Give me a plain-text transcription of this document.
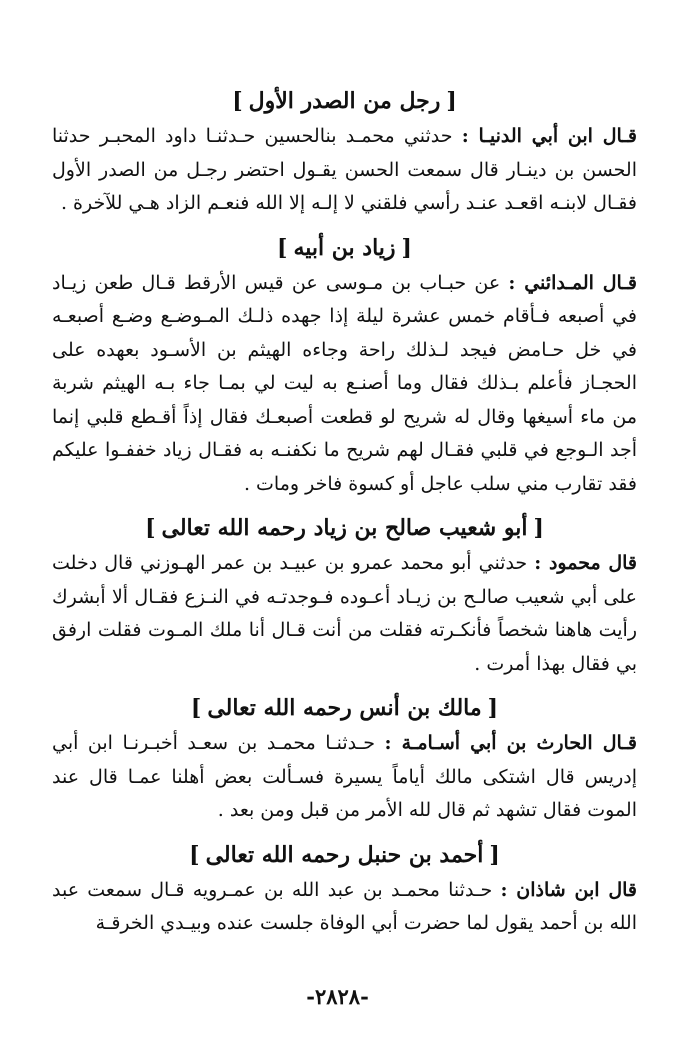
[رجل من الصدر الأول]

قـال ابن أبي الدنيـا : حدثني محمـد بنالحسين حـدثنـا داود المحبـر حدثنا الحسن بن دينـار قال سمعت الحسن يقـول احتضر رجـل من الصدر الأول فقـال لابنـه اقعـد عنـد رأسي فلقني لا إلـه إلا الله فنعـم الزاد هـي للآخرة .

[زياد بن أبيه]

قـال المـدائني : عن حبـاب بن مـوسى عن قيس الأرقط قـال طعن زيـاد في أصبعه فـأقام خمس عشرة ليلة إذا جهده ذلـك المـوضـع وضـع أصبعـه في خل حـامض فيجد لـذلك راحة وجاءه الهيثم بن الأسـود بعهده على الحجـاز فأعلم بـذلك فقال وما أصنـع به ليت لي بمـا جاء بـه الهيثم شربة من ماء أسيغها وقال له شريح لو قطعت أصبعـك فقال إذاً أقـطع قلبي إنما أجد الـوجع في قلبي فقـال لهم شريح ما نكفنـه به فقـال زياد خففـوا عليكم فقد تقارب مني سلب عاجل أو كسوة فاخر ومات .

[أبو شعيب صالح بن زياد رحمه الله تعالى]

قال محمود : حدثني أبو محمد عمرو بن عبيـد بن عمر الهـوزني قال دخلت على أبي شعيب صالـح بن زيـاد أعـوده فـوجدتـه في النـزع فقـال ألا أبشرك رأيت هاهنا شخصاً فأنكـرته فقلت من أنت قـال أنا ملك المـوت فقلت ارفق بي فقال بهذا أمرت .

[مالك بن أنس رحمه الله تعالى]

قـال الحارث بن أبي أسـامـة : حـدثنـا محمـد بن سعـد أخبـرنـا ابن أبي إدريس قال اشتكى مالك أياماً يسيرة فسـألت بعض أهلنا عمـا قال عند الموت فقال تشهد ثم قال لله الأمر من قبل ومن بعد .

[أحمد بن حنبل رحمه الله تعالى]

قال ابن شاذان : حـدثنا محمـد بن عبد الله بن عمـرويه قـال سمعت عبد الله بن أحمد يقول لما حضرت أبي الوفاة جلست عنده وبيـدي الخرقـة

-٢٨٢٨-
